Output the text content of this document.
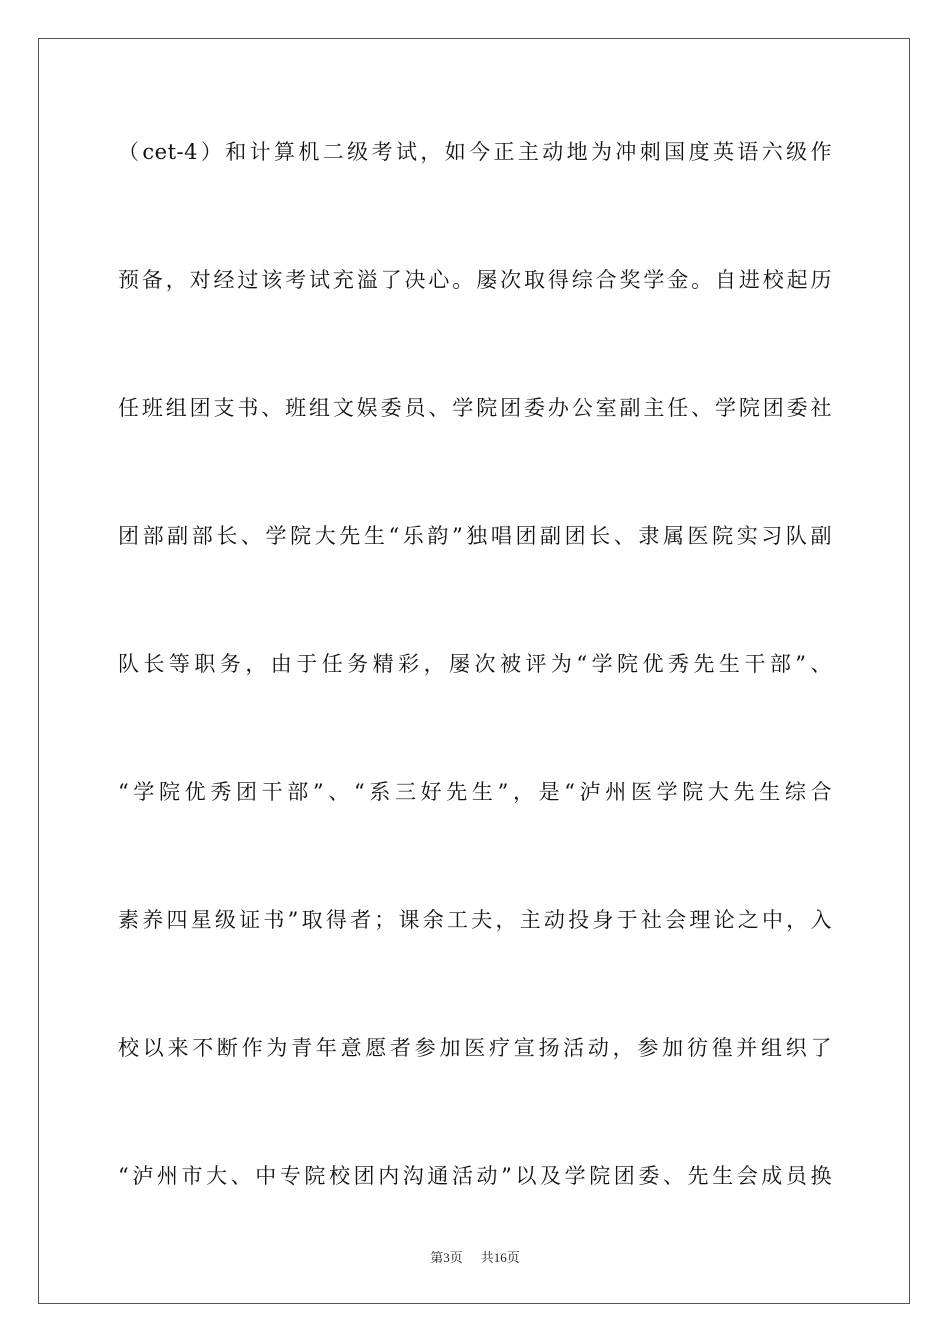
（cet-4）和计算机二级考试，如今正主动地为冲刺国度英语六级作
预备，对经过该考试充溢了决心。屡次取得综合奖学金。自进校起历
任班组团支书、班组文娱委员、学院团委办公室副主任、学院团委社
团部副部长、学院大先生“乐韵”独唱团副团长、隶属医院实习队副
队长等职务，由于任务精彩，屡次被评为“学院优秀先生干部”、
“学院优秀团干部”、“系三好先生”，是“泸州医学院大先生综合
素养四星级证书”取得者；课余工夫，主动投身于社会理论之中，入
校以来不断作为青年意愿者参加医疗宣扬活动，参加彷徨并组织了
“泸州市大、中专院校团内沟通活动”以及学院团委、先生会成员换
第3页 共16页
